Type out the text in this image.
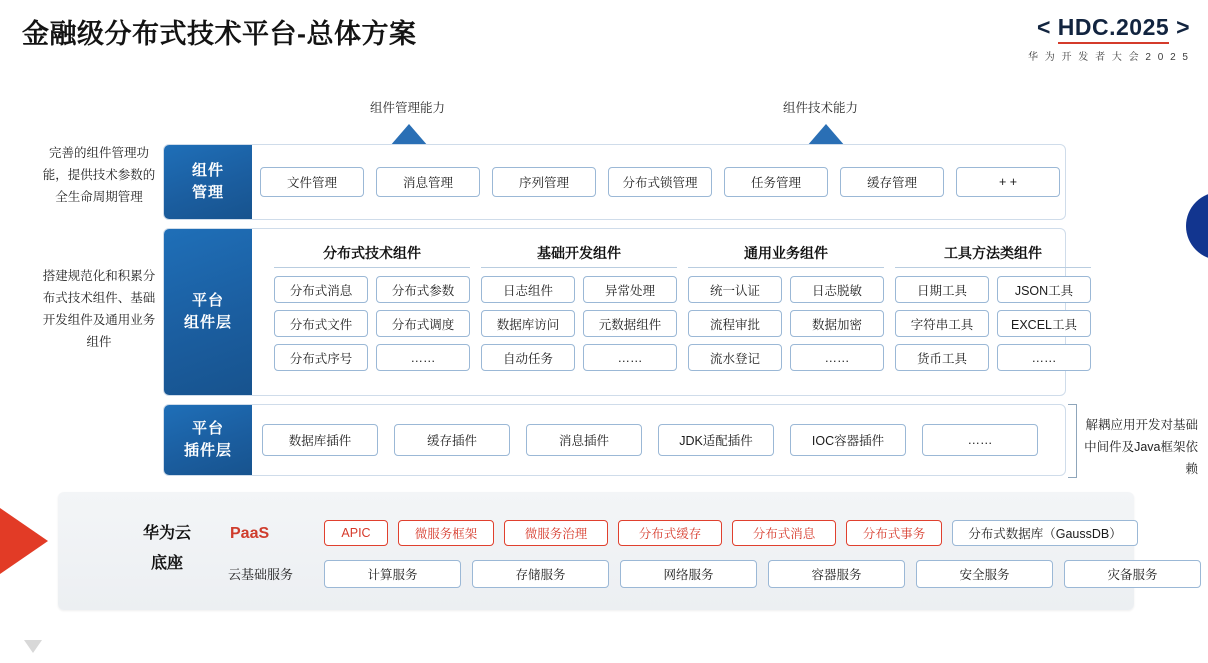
金融级分布式技术平台-总体方案	< HDC.2025 >
华 为 开 发 者 大 会 2 0 2 5
组件管理能力	组件技术能力
完善的组件管理功能，提供技术参数的全生命周期管理
搭建规范化和积累分布式技术组件、基础开发组件及通用业务组件
解耦应用开发对基础中间件及Java框架依赖
组件
管理
文件管理	消息管理	序列管理	分布式锁管理	任务管理	缓存管理	+ +
平台
组件层
分布式技术组件
分布式消息	分布式参数
分布式文件	分布式调度
分布式序号	……
基础开发组件
日志组件	异常处理
数据库访问	元数据组件
自动任务	……
通用业务组件
统一认证	日志脱敏
流程审批	数据加密
流水登记	……
工具方法类组件
日期工具	JSON工具
字符串工具	EXCEL工具
货币工具	……
平台
插件层
数据库插件	缓存插件	消息插件	JDK适配插件	IOC容器插件	……
华为云
底座
PaaS
云基础服务
APIC	微服务框架	微服务治理	分布式缓存	分布式消息	分布式事务	分布式数据库（GaussDB）
计算服务	存储服务	网络服务	容器服务	安全服务	灾备服务
